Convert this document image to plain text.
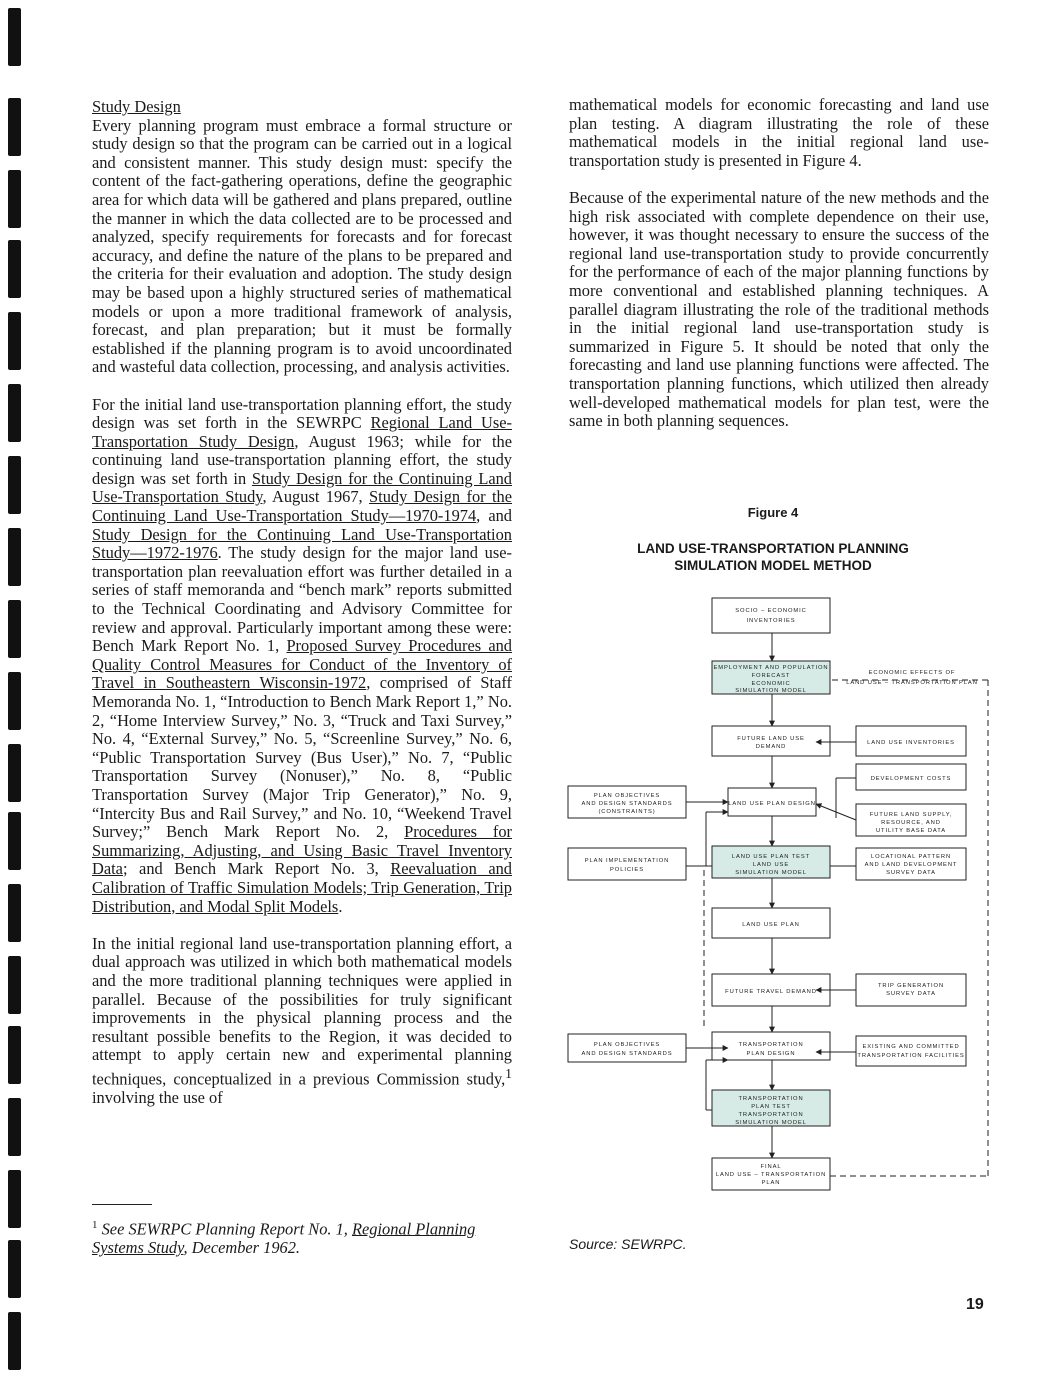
Study Design

Every planning program must embrace a formal structure or study design so that the program can be carried out in a logical and consistent manner. This study design must: specify the content of the fact-gathering operations, define the geographic area for which data will be gathered and plans prepared, outline the manner in which the data collected are to be processed and analyzed, specify requirements for forecasts and for forecast accuracy, and define the nature of the plans to be prepared and the criteria for their evaluation and adoption. The study design may be based upon a highly structured series of mathematical models or upon a more traditional framework of analysis, forecast, and plan preparation; but it must be formally established if the planning program is to avoid uncoordinated and wasteful data collection, processing, and analysis activities.

For the initial land use-transportation planning effort, the study design was set forth in the SEWRPC Regional Land Use-Transportation Study Design, August 1963; while for the continuing land use-transportation planning effort, the study design was set forth in Study Design for the Continuing Land Use-Transportation Study, August 1967, Study Design for the Continuing Land Use-Transportation Study—1970-1974, and Study Design for the Continuing Land Use-Transportation Study—1972-1976. The study design for the major land use-transportation plan reevaluation effort was further detailed in a series of staff memoranda and “bench mark” reports submitted to the Technical Coordinating and Advisory Committee for review and approval. Particularly important among these were: Bench Mark Report No. 1, Proposed Survey Procedures and Quality Control Measures for Conduct of the Inventory of Travel in Southeastern Wisconsin-1972, comprised of Staff Memoranda No. 1, “Introduction to Bench Mark Report 1,” No. 2, “Home Interview Survey,” No. 3, “Truck and Taxi Survey,” No. 4, “External Survey,” No. 5, “Screenline Survey,” No. 6, “Public Transportation Survey (Bus User),” No. 7, “Public Transportation Survey (Nonuser),” No. 8, “Public Transportation Survey (Major Trip Generator),” No. 9, “Intercity Bus and Rail Survey,” and No. 10, “Weekend Travel Survey;” Bench Mark Report No. 2, Procedures for Summarizing, Adjusting, and Using Basic Travel Inventory Data; and Bench Mark Report No. 3, Reevaluation and Calibration of Traffic Simulation Models; Trip Generation, Trip Distribution, and Modal Split Models.

In the initial regional land use-transportation planning effort, a dual approach was utilized in which both mathematical models and the more traditional planning techniques were applied in parallel. Because of the possibilities for truly significant improvements in the physical planning process and the resultant possible benefits to the Region, it was decided to attempt to apply certain new and experimental planning techniques, conceptualized in a previous Commission study,$^1$ involving the use of

mathematical models for economic forecasting and land use plan testing. A diagram illustrating the role of these mathematical models in the initial regional land use-transportation study is presented in Figure 4.

Because of the experimental nature of the new methods and the high risk associated with complete dependence on their use, however, it was thought necessary to ensure the success of the regional land use-transportation study to provide concurrently for the performance of each of the major planning functions by more conventional and established planning techniques. A parallel diagram illustrating the role of the traditional methods in the initial regional land use-transportation study is summarized in Figure 5. It should be noted that only the forecasting and land use planning functions were affected. The transportation planning functions, which utilized then already well-developed mathematical models for plan test, were the same in both planning sequences.

Figure 4
LAND USE-TRANSPORTATION PLANNING SIMULATION MODEL METHOD
SOCIO – ECONOMIC
INVENTORIES
EMPLOYMENT AND POPULATION
FORECAST
ECONOMIC
SIMULATION MODEL
ECONOMIC EFFECTS OF
LAND USE – TRANSPORTATION PLAN
FUTURE LAND USE
DEMAND
LAND USE INVENTORIES
DEVELOPMENT COSTS
PLAN OBJECTIVES
AND DESIGN STANDARDS
(CONSTRAINTS)
LAND USE PLAN DESIGN
FUTURE LAND SUPPLY,
RESOURCE, AND
UTILITY BASE DATA
PLAN IMPLEMENTATION
POLICIES
LAND USE PLAN TEST
LAND USE
SIMULATION MODEL
LOCATIONAL PATTERN
AND LAND DEVELOPMENT
SURVEY DATA
LAND USE PLAN
FUTURE TRAVEL DEMAND
TRIP GENERATION
SURVEY DATA
PLAN OBJECTIVES
AND DESIGN STANDARDS
TRANSPORTATION
PLAN DESIGN
EXISTING AND COMMITTED
TRANSPORTATION FACILITIES
TRANSPORTATION
PLAN TEST
TRANSPORTATION
SIMULATION MODEL
FINAL
LAND USE – TRANSPORTATION
PLAN
$^1$ See SEWRPC Planning Report No. 1, Regional Planning Systems Study, December 1962.	Source: SEWRPC.
19
